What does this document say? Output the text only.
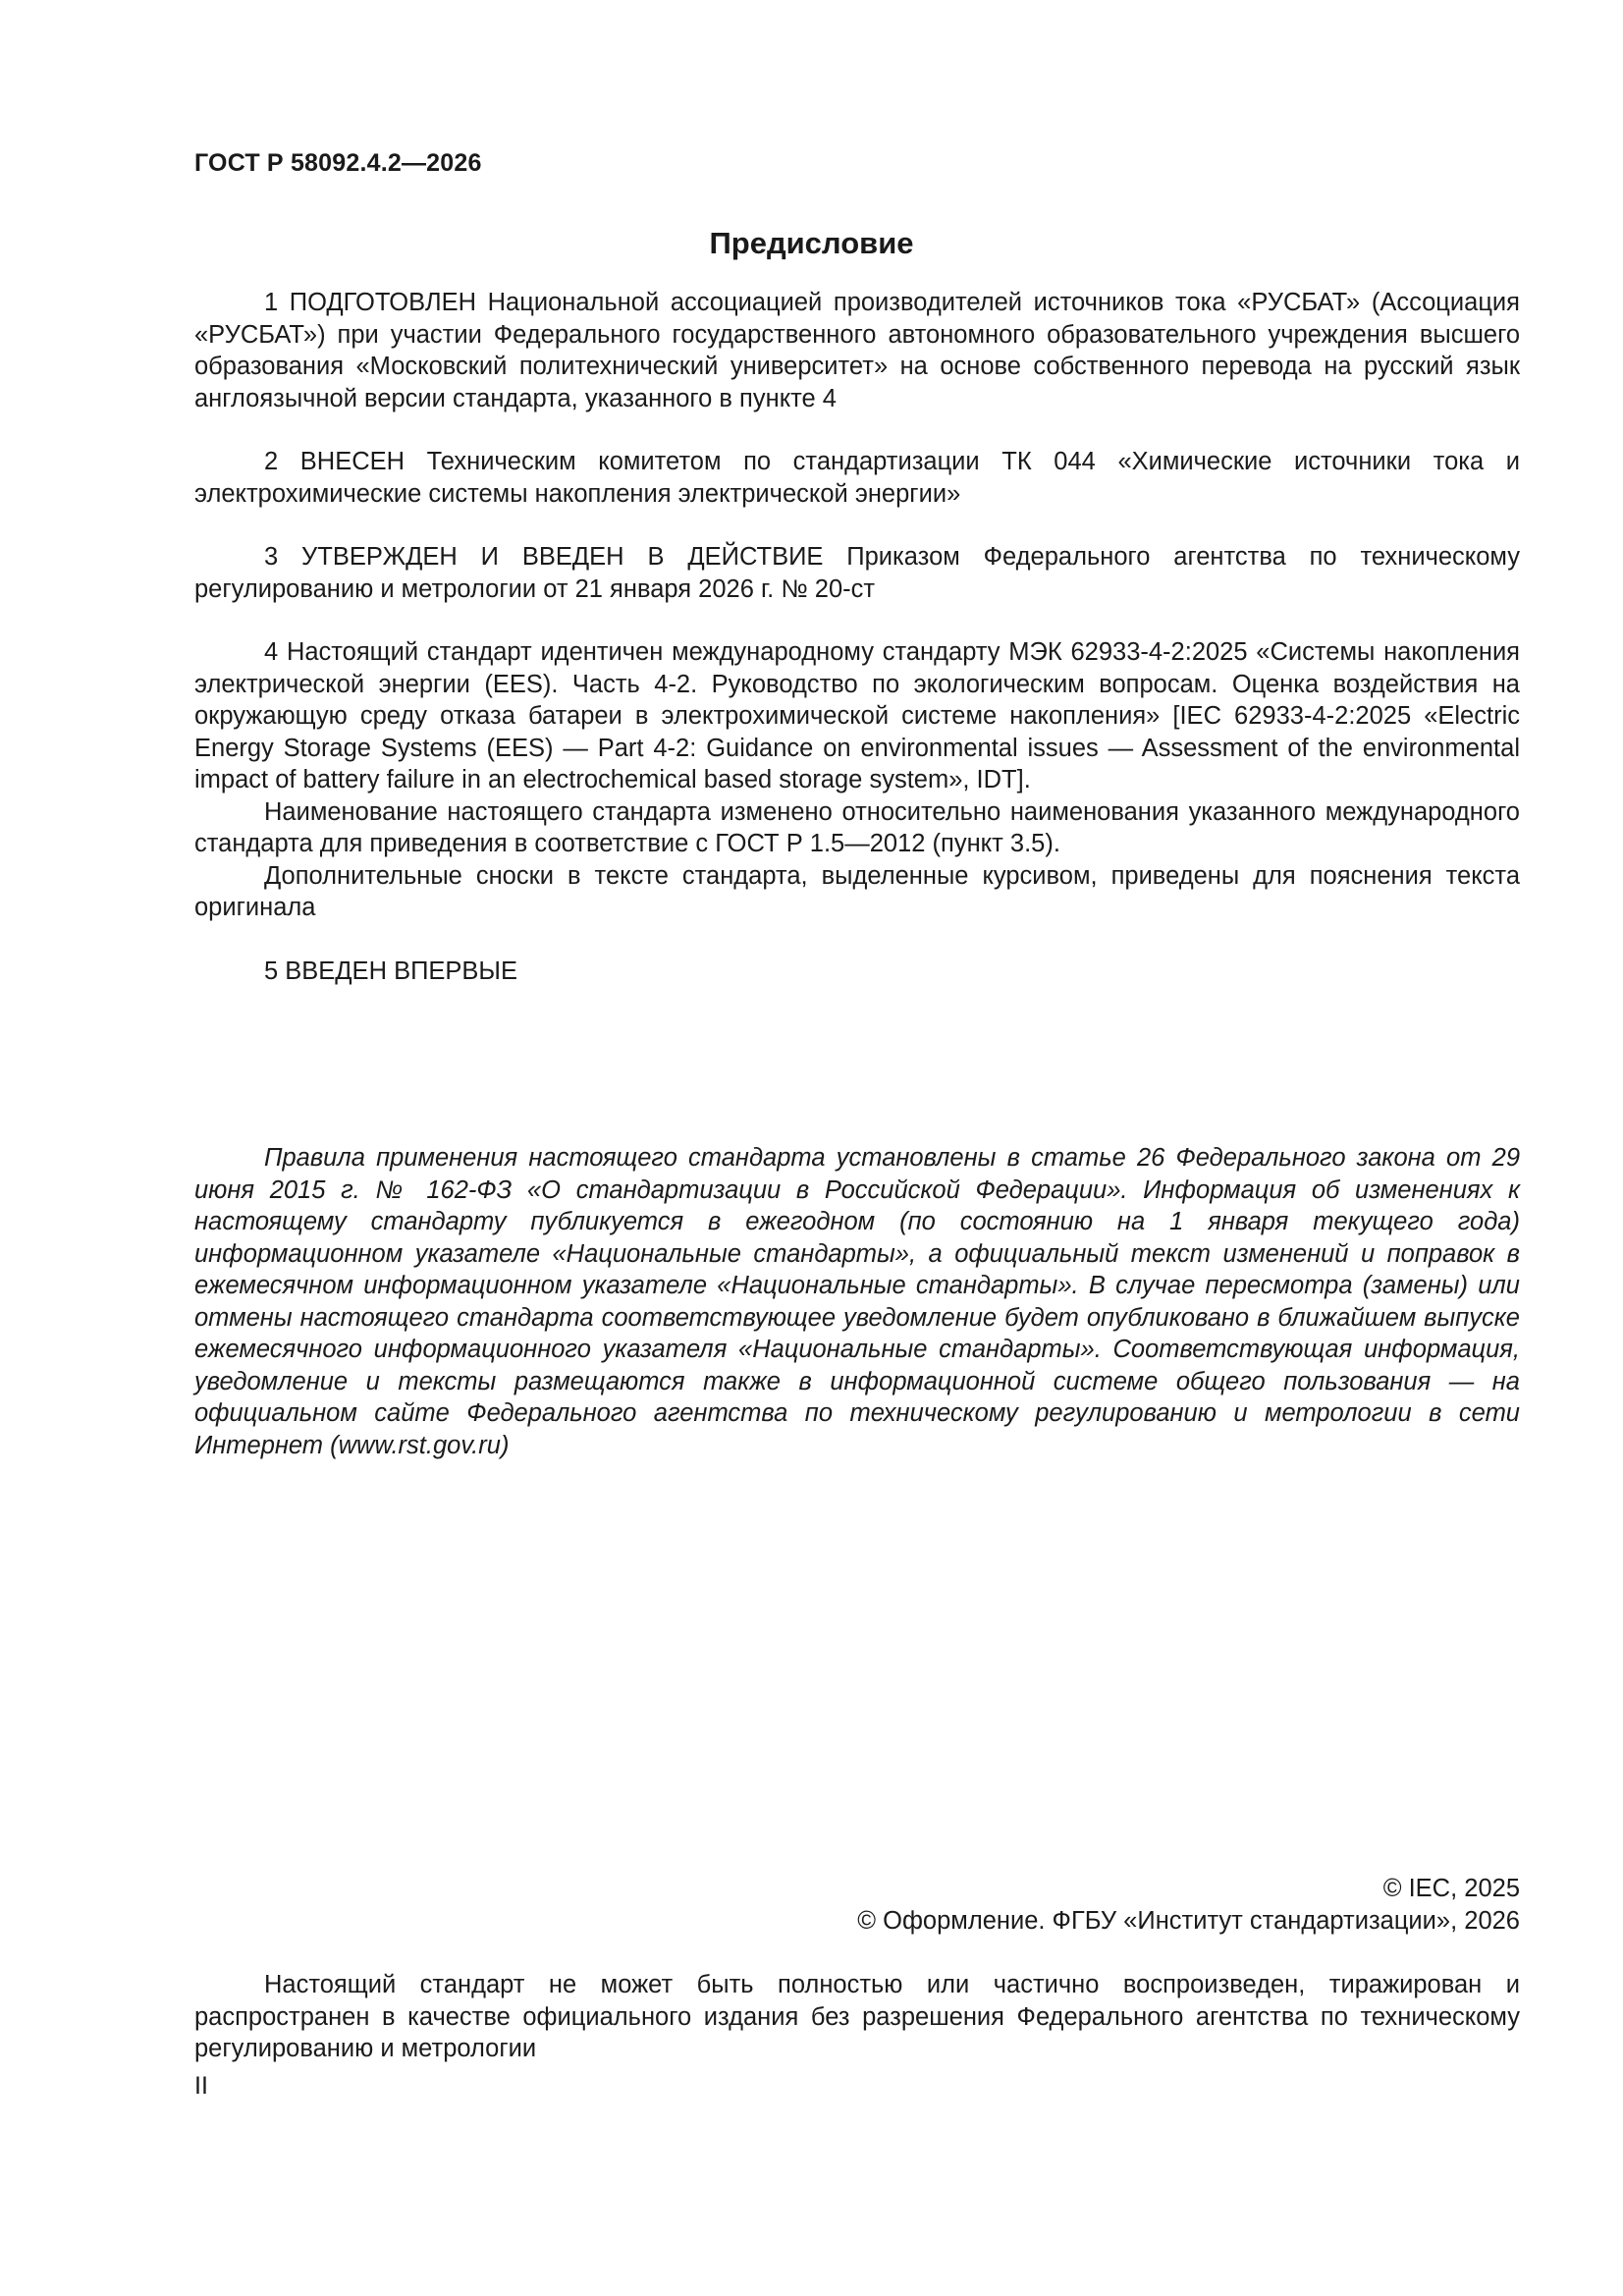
ГОСТ Р 58092.4.2—2026
Предисловие

1 ПОДГОТОВЛЕН Национальной ассоциацией производителей источников тока «РУСБАТ» (Ассоциация «РУСБАТ») при участии Федерального государственного автономного образовательного учреждения высшего образования «Московский политехнический университет» на основе собственного перевода на русский язык англоязычной версии стандарта, указанного в пункте 4

2 ВНЕСЕН Техническим комитетом по стандартизации ТК 044 «Химические источники тока и электрохимические системы накопления электрической энергии»

3 УТВЕРЖДЕН И ВВЕДЕН В ДЕЙСТВИЕ Приказом Федерального агентства по техническому регулированию и метрологии от 21 января 2026 г. № 20-ст

4 Настоящий стандарт идентичен международному стандарту МЭК 62933-4-2:2025 «Системы накопления электрической энергии (EES). Часть 4-2. Руководство по экологическим вопросам. Оценка воздействия на окружающую среду отказа батареи в электрохимической системе накопления» [IEC 62933-4-2:2025 «Electric Energy Storage Systems (EES) — Part 4-2: Guidance on environmental issues — Assessment of the environmental impact of battery failure in an electrochemical based storage system», IDT].

Наименование настоящего стандарта изменено относительно наименования указанного международного стандарта для приведения в соответствие с ГОСТ Р 1.5—2012 (пункт 3.5).

Дополнительные сноски в тексте стандарта, выделенные курсивом, приведены для пояснения текста оригинала

5 ВВЕДЕН ВПЕРВЫЕ

Правила применения настоящего стандарта установлены в статье 26 Федерального закона от 29 июня 2015 г. № 162-ФЗ «О стандартизации в Российской Федерации». Информация об изменениях к настоящему стандарту публикуется в ежегодном (по состоянию на 1 января текущего года) информационном указателе «Национальные стандарты», а официальный текст изменений и поправок в ежемесячном информационном указателе «Национальные стандарты». В случае пересмотра (замены) или отмены настоящего стандарта соответствующее уведомление будет опубликовано в ближайшем выпуске ежемесячного информационного указателя «Национальные стандарты». Соответствующая информация, уведомление и тексты размещаются также в информационной системе общего пользования — на официальном сайте Федерального агентства по техническому регулированию и метрологии в сети Интернет (www.rst.gov.ru)

© IEC, 2025
© Оформление. ФГБУ «Институт стандартизации», 2026

Настоящий стандарт не может быть полностью или частично воспроизведен, тиражирован и распространен в качестве официального издания без разрешения Федерального агентства по техническому регулированию и метрологии

II
